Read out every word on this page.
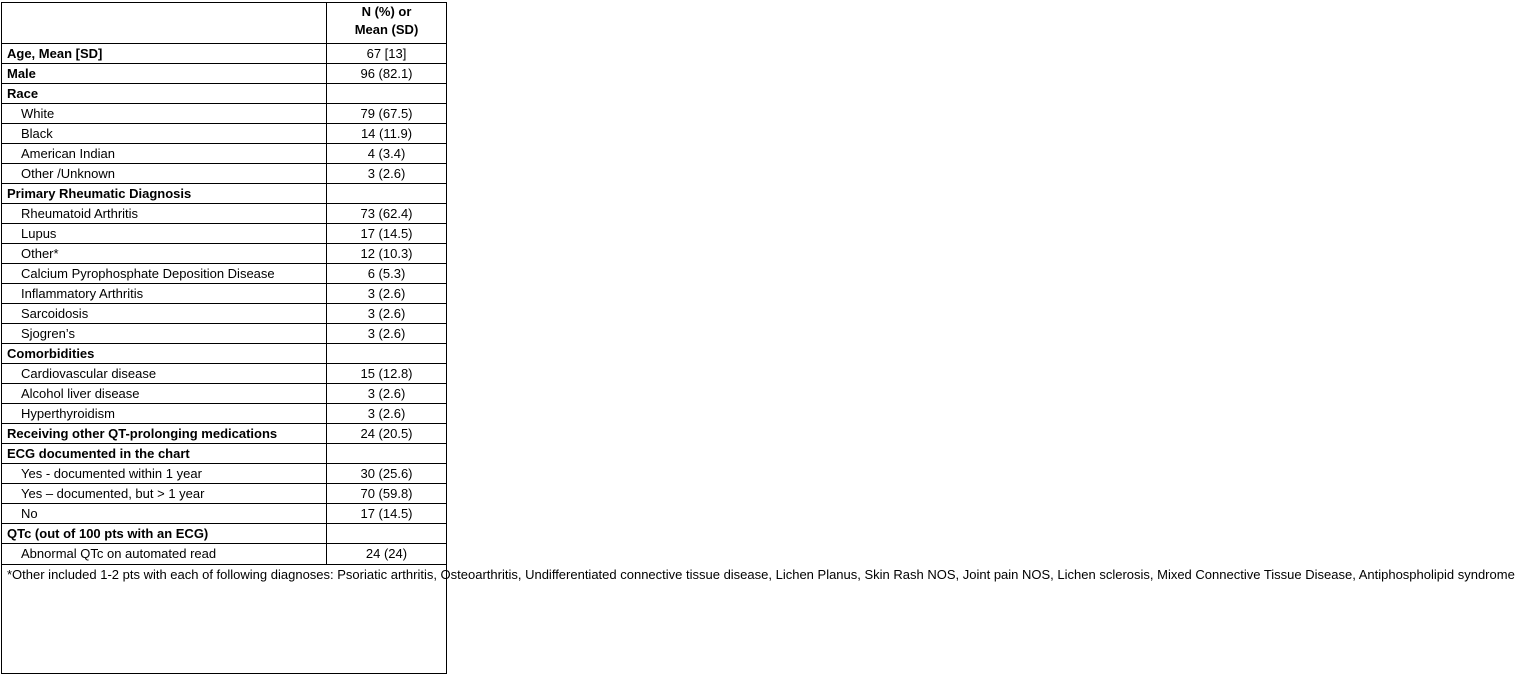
	N (%) or
Mean (SD)
Age, Mean [SD]	67 [13]
Male	96 (82.1)
Race	
White	79 (67.5)
Black	14 (11.9)
American Indian	4 (3.4)
Other /Unknown	3 (2.6)
Primary Rheumatic Diagnosis	
Rheumatoid Arthritis	73 (62.4)
Lupus	17 (14.5)
Other*	12 (10.3)
Calcium Pyrophosphate Deposition Disease	6 (5.3)
Inflammatory Arthritis	3 (2.6)
Sarcoidosis	3 (2.6)
Sjogren’s	3 (2.6)
Comorbidities	
Cardiovascular disease	15 (12.8)
Alcohol liver disease	3 (2.6)
Hyperthyroidism	3 (2.6)
Receiving other QT-prolonging medications	24 (20.5)
ECG documented in the chart	
Yes - documented within 1 year	30 (25.6)
Yes – documented, but > 1 year	70 (59.8)
No	17 (14.5)
QTc (out of 100 pts with an ECG)	
Abnormal QTc on automated read	24 (24)

*Other included 1-2 pts with each of following diagnoses: Psoriatic arthritis, Osteoarthritis, Undifferentiated connective tissue disease, Lichen Planus, Skin Rash NOS, Joint pain NOS, Lichen sclerosis, Mixed Connective Tissue Disease, Antiphospholipid syndrome	
